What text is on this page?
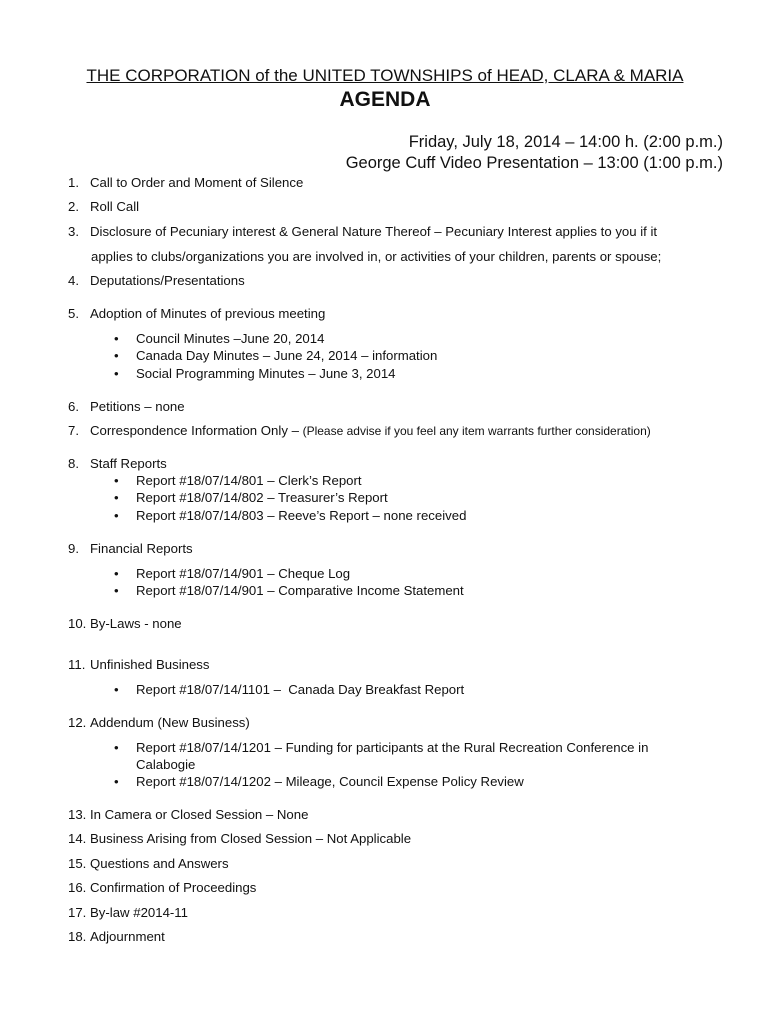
THE CORPORATION of the UNITED TOWNSHIPS of HEAD, CLARA & MARIA
AGENDA
Friday, July 18, 2014 – 14:00 h. (2:00 p.m.)
George Cuff Video Presentation – 13:00 (1:00 p.m.)
1. Call to Order and Moment of Silence
2. Roll Call
3. Disclosure of Pecuniary interest & General Nature Thereof – Pecuniary Interest applies to you if it
applies to clubs/organizations you are involved in, or activities of your children, parents or spouse;
4. Deputations/Presentations
5. Adoption of Minutes of previous meeting
• Council Minutes –June 20, 2014
• Canada Day Minutes – June 24, 2014 – information
• Social Programming Minutes – June 3, 2014
6. Petitions – none
7. Correspondence Information Only – (Please advise if you feel any item warrants further consideration)
8. Staff Reports
• Report #18/07/14/801 – Clerk’s Report
• Report #18/07/14/802 – Treasurer’s Report
• Report #18/07/14/803 – Reeve’s Report – none received
9. Financial Reports
• Report #18/07/14/901 – Cheque Log
• Report #18/07/14/901 – Comparative Income Statement
10. By-Laws - none
11. Unfinished Business
• Report #18/07/14/1101 –  Canada Day Breakfast Report
12. Addendum (New Business)
• Report #18/07/14/1201 – Funding for participants at the Rural Recreation Conference in
Calabogie
• Report #18/07/14/1202 – Mileage, Council Expense Policy Review
13. In Camera or Closed Session – None
14. Business Arising from Closed Session – Not Applicable
15. Questions and Answers
16. Confirmation of Proceedings
17. By-law #2014-11
18. Adjournment
